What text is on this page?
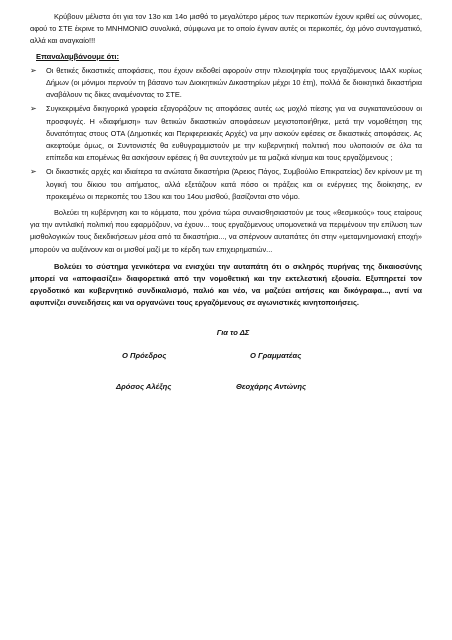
Κρύβουν μέλιστα ότι για τον 13ο και 14ο μισθό το μεγαλύτερο μέρος των περικοπών έχουν κριθεί ως σύννομες, αφού το ΣΤΕ έκρινε το ΜΝΗΜΟΝΙΟ συνολικά, σύμφωνα με το οποίο έγιναν αυτές οι περικοπές, όχι μόνο συνταγματικό, αλλά και αναγκαίο!!!

Επαναλαμβάνουμε ότι:
➢	Οι θετικές δικαστικές αποφάσεις, που έχουν εκδοθεί αφορούν στην πλειοψηφία τους εργαζόμενους ΙΔΑΧ κυρίως Δήμων (οι μόνιμοι περνούν τη βάσανο των Διοικητικών Δικαστηρίων μέχρι 10 έτη), πολλά δε διοικητικά δικαστήρια αναβάλουν τις δίκες αναμένοντας το ΣΤΕ.
➢	Συγκεκριμένα δικηγορικά γραφεία εξαγοράζουν τις αποφάσεις αυτές ως μοχλό πίεσης για να συγκατανεύσουν οι προσφυγές. Η «διαφήμιση» των θετικών δικαστικών αποφάσεων μεγιστοποιήθηκε, μετά την νομοθέτηση της δυνατότητας στους ΟΤΑ (Δημοτικές και Περιφερειακές Αρχές) να μην ασκούν εφέσεις σε δικαστικές αποφάσεις. Ας ακεφτούμε όμως, οι Συντονιστές θα ευθυγραμμιστούν με την κυβερνητική πολιτική που υλοποιούν σε όλα τα επίπεδα και επομένως θα ασκήσουν εφέσεις ή θα συντεχτούν με τα μαζικά κίνημα και τους εργαζόμενους ;
➢	Οι δικαστικές αρχές και ιδιαίτερα τα ανώτατα δικαστήρια (Άρειος Πάγος, Συμβούλιο Επικρατείας) δεν κρίνουν με τη λογική του δίκιου του αιτήματος, αλλά εξετάζουν κατά πόσο οι πράξεις και οι ενέργειες της διοίκησης, εν προκειμένω οι περικοπές του 13ου και του 14ου μισθού, βασίζονται στο νόμο.

Βολεύει τη κυβέρνηση και το κόμματα, που χρόνια τώρα συναισθησιαστούν με τους «θεσμικούς» τους εταίρους για την αντιλαϊκή πολιτική που εφαρμόζουν, να έχουν... τους εργαζόμενους υπομονετικά να περιμένουν την επίλυση των μισθολογικών τους διεκδικήσεων μέσα από τα δικαστήρια..., να σπέρνουν αυταπάτες ότι στην «μεταμνημονιακή εποχή» μπορούν να αυξάνουν και οι μισθοί μαζί με το κέρδη των επιχειρηματιών...

Βολεύει το σύστημα γενικότερα να ενισχύει την αυταπάτη ότι ο σκληρός πυρήνας της δικαιοσύνης μπορεί να «αποφασίζει» διαφορετικά από την νομοθετική και την εκτελεστική εξουσία. Εξυπηρετεί τον εργοδοτικό και κυβερνητικό συνδικαλισμό, παλιό και νέο, να μαζεύει αιτήσεις και δικόγραφα..., αντί να αφυπνίζει συνειδήσεις και να οργανώνει τους εργαζόμενους σε αγωνιστικές κινητοποιήσεις.

Για το ΔΣ
Ο Πρόεδρος	Ο Γραμματέας
Δρόσος Αλέξης	Θεοχάρης Αντώνης
